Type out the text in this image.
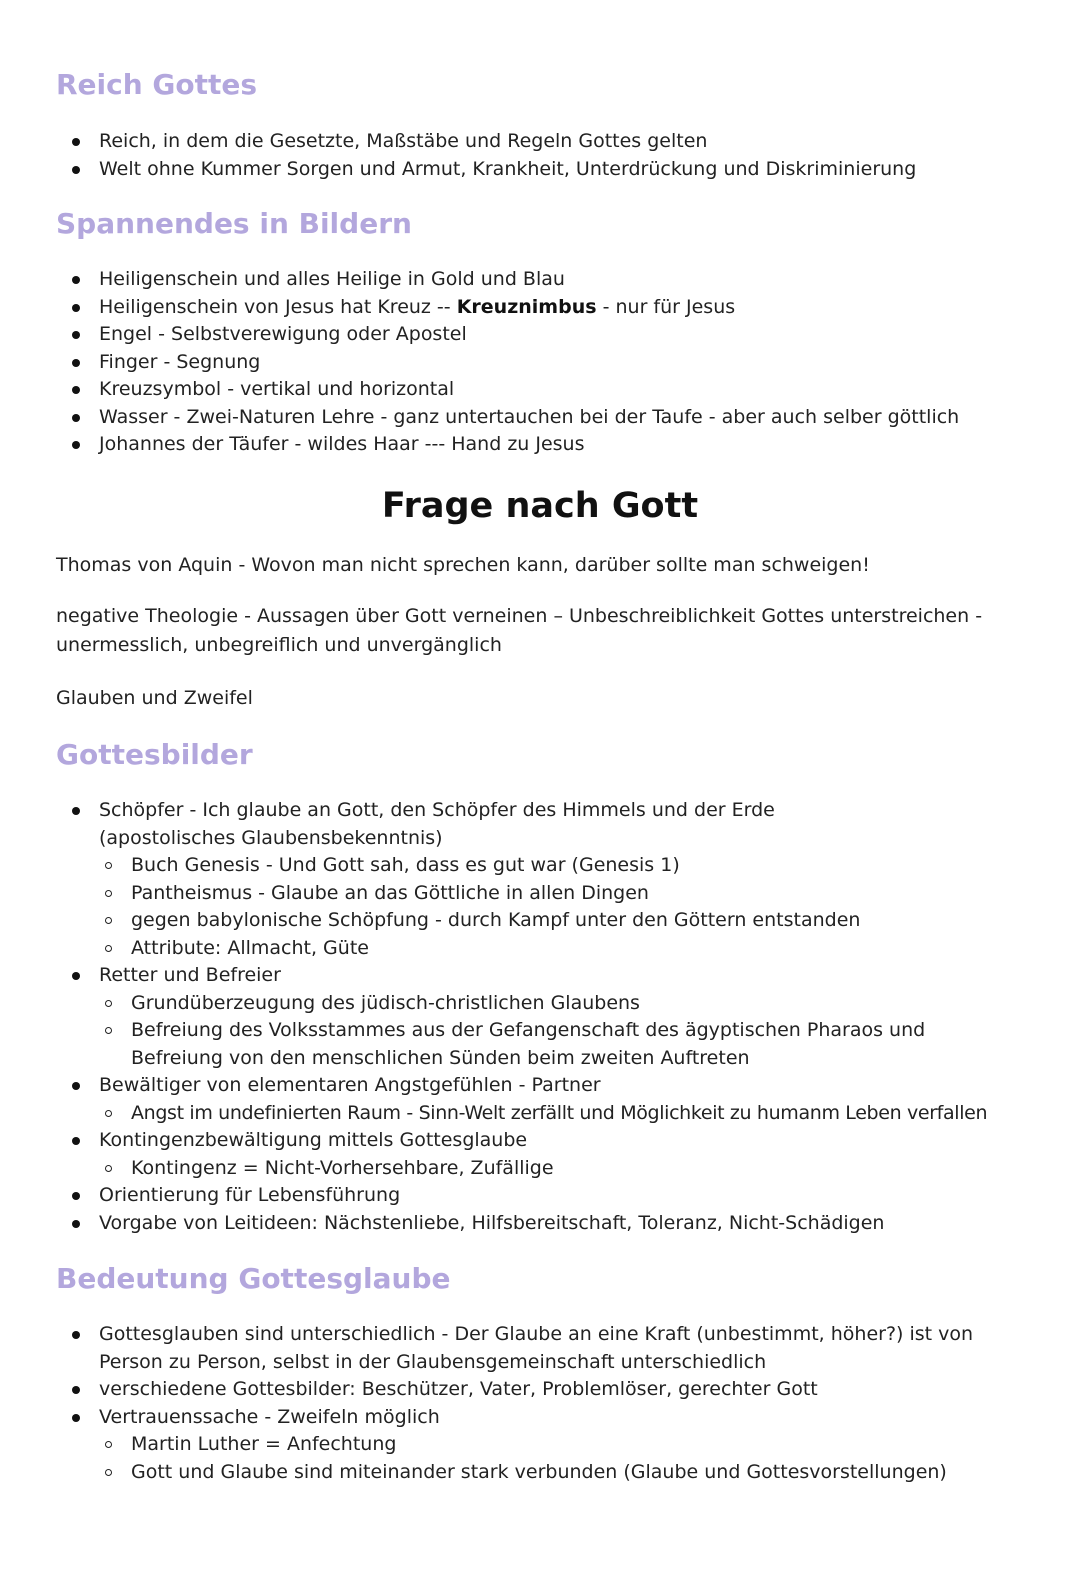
Reich Gottes
Reich, in dem die Gesetzte, Maßstäbe und Regeln Gottes gelten
Welt ohne Kummer Sorgen und Armut, Krankheit, Unterdrückung und Diskriminierung
Spannendes in Bildern
Heiligenschein und alles Heilige in Gold und Blau
Heiligenschein von Jesus hat Kreuz -- Kreuznimbus - nur für Jesus
Engel - Selbstverewigung oder Apostel
Finger - Segnung
Kreuzsymbol - vertikal und horizontal
Wasser - Zwei-Naturen Lehre - ganz untertauchen bei der Taufe - aber auch selber göttlich
Johannes der Täufer - wildes Haar --- Hand zu Jesus
Frage nach Gott

Thomas von Aquin - Wovon man nicht sprechen kann, darüber sollte man schweigen!

negative Theologie - Aussagen über Gott verneinen – Unbeschreiblichkeit Gottes unterstreichen - unermesslich, unbegreiflich und unvergänglich

Glauben und Zweifel

Gottesbilder
Schöpfer - Ich glaube an Gott, den Schöpfer des Himmels und der Erde (apostolisches Glaubensbekenntnis)
Buch Genesis - Und Gott sah, dass es gut war (Genesis 1)
Pantheismus - Glaube an das Göttliche in allen Dingen
gegen babylonische Schöpfung - durch Kampf unter den Göttern entstanden
Attribute: Allmacht, Güte
Retter und Befreier
Grundüberzeugung des jüdisch-christlichen Glaubens
Befreiung des Volksstammes aus der Gefangenschaft des ägyptischen Pharaos und Befreiung von den menschlichen Sünden beim zweiten Auftreten
Bewältiger von elementaren Angstgefühlen - Partner
Angst im undefinierten Raum - Sinn-Welt zerfällt und Möglichkeit zu humanm Leben verfallen
Kontingenzbewältigung mittels Gottesglaube
Kontingenz = Nicht-Vorhersehbare, Zufällige
Orientierung für Lebensführung
Vorgabe von Leitideen: Nächstenliebe, Hilfsbereitschaft, Toleranz, Nicht-Schädigen
Bedeutung Gottesglaube
Gottesglauben sind unterschiedlich - Der Glaube an eine Kraft (unbestimmt, höher?) ist von Person zu Person, selbst in der Glaubensgemeinschaft unterschiedlich
verschiedene Gottesbilder: Beschützer, Vater, Problemlöser, gerechter Gott
Vertrauenssache - Zweifeln möglich
Martin Luther = Anfechtung
Gott und Glaube sind miteinander stark verbunden (Glaube und Gottesvorstellungen)
